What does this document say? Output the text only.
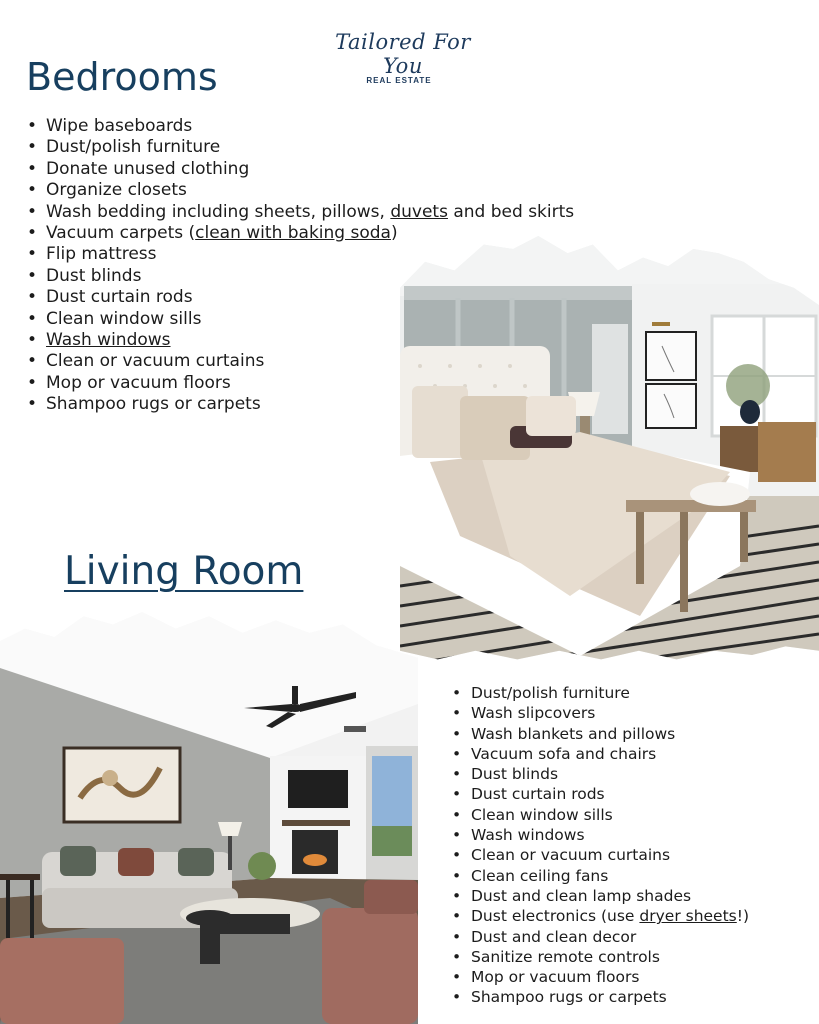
Tailored For You
REAL ESTATE
Bedrooms
• Wipe baseboards
• Dust/polish furniture
• Donate unused clothing
• Organize closets
• Wash bedding including sheets, pillows, duvets and bed skirts
• Vacuum carpets (clean with baking soda)
• Flip mattress
• Dust blinds
• Dust curtain rods
• Clean window sills
• Wash windows
• Clean or vacuum curtains
• Mop or vacuum floors
• Shampoo rugs or carpets
Living Room
• Dust/polish furniture
• Wash slipcovers
• Wash blankets and pillows
• Vacuum sofa and chairs
• Dust blinds
• Dust curtain rods
• Clean window sills
• Wash windows
• Clean or vacuum curtains
• Clean ceiling fans
• Dust and clean lamp shades
• Dust electronics (use dryer sheets!)
• Dust and clean decor
• Sanitize remote controls
• Mop or vacuum floors
• Shampoo rugs or carpets
